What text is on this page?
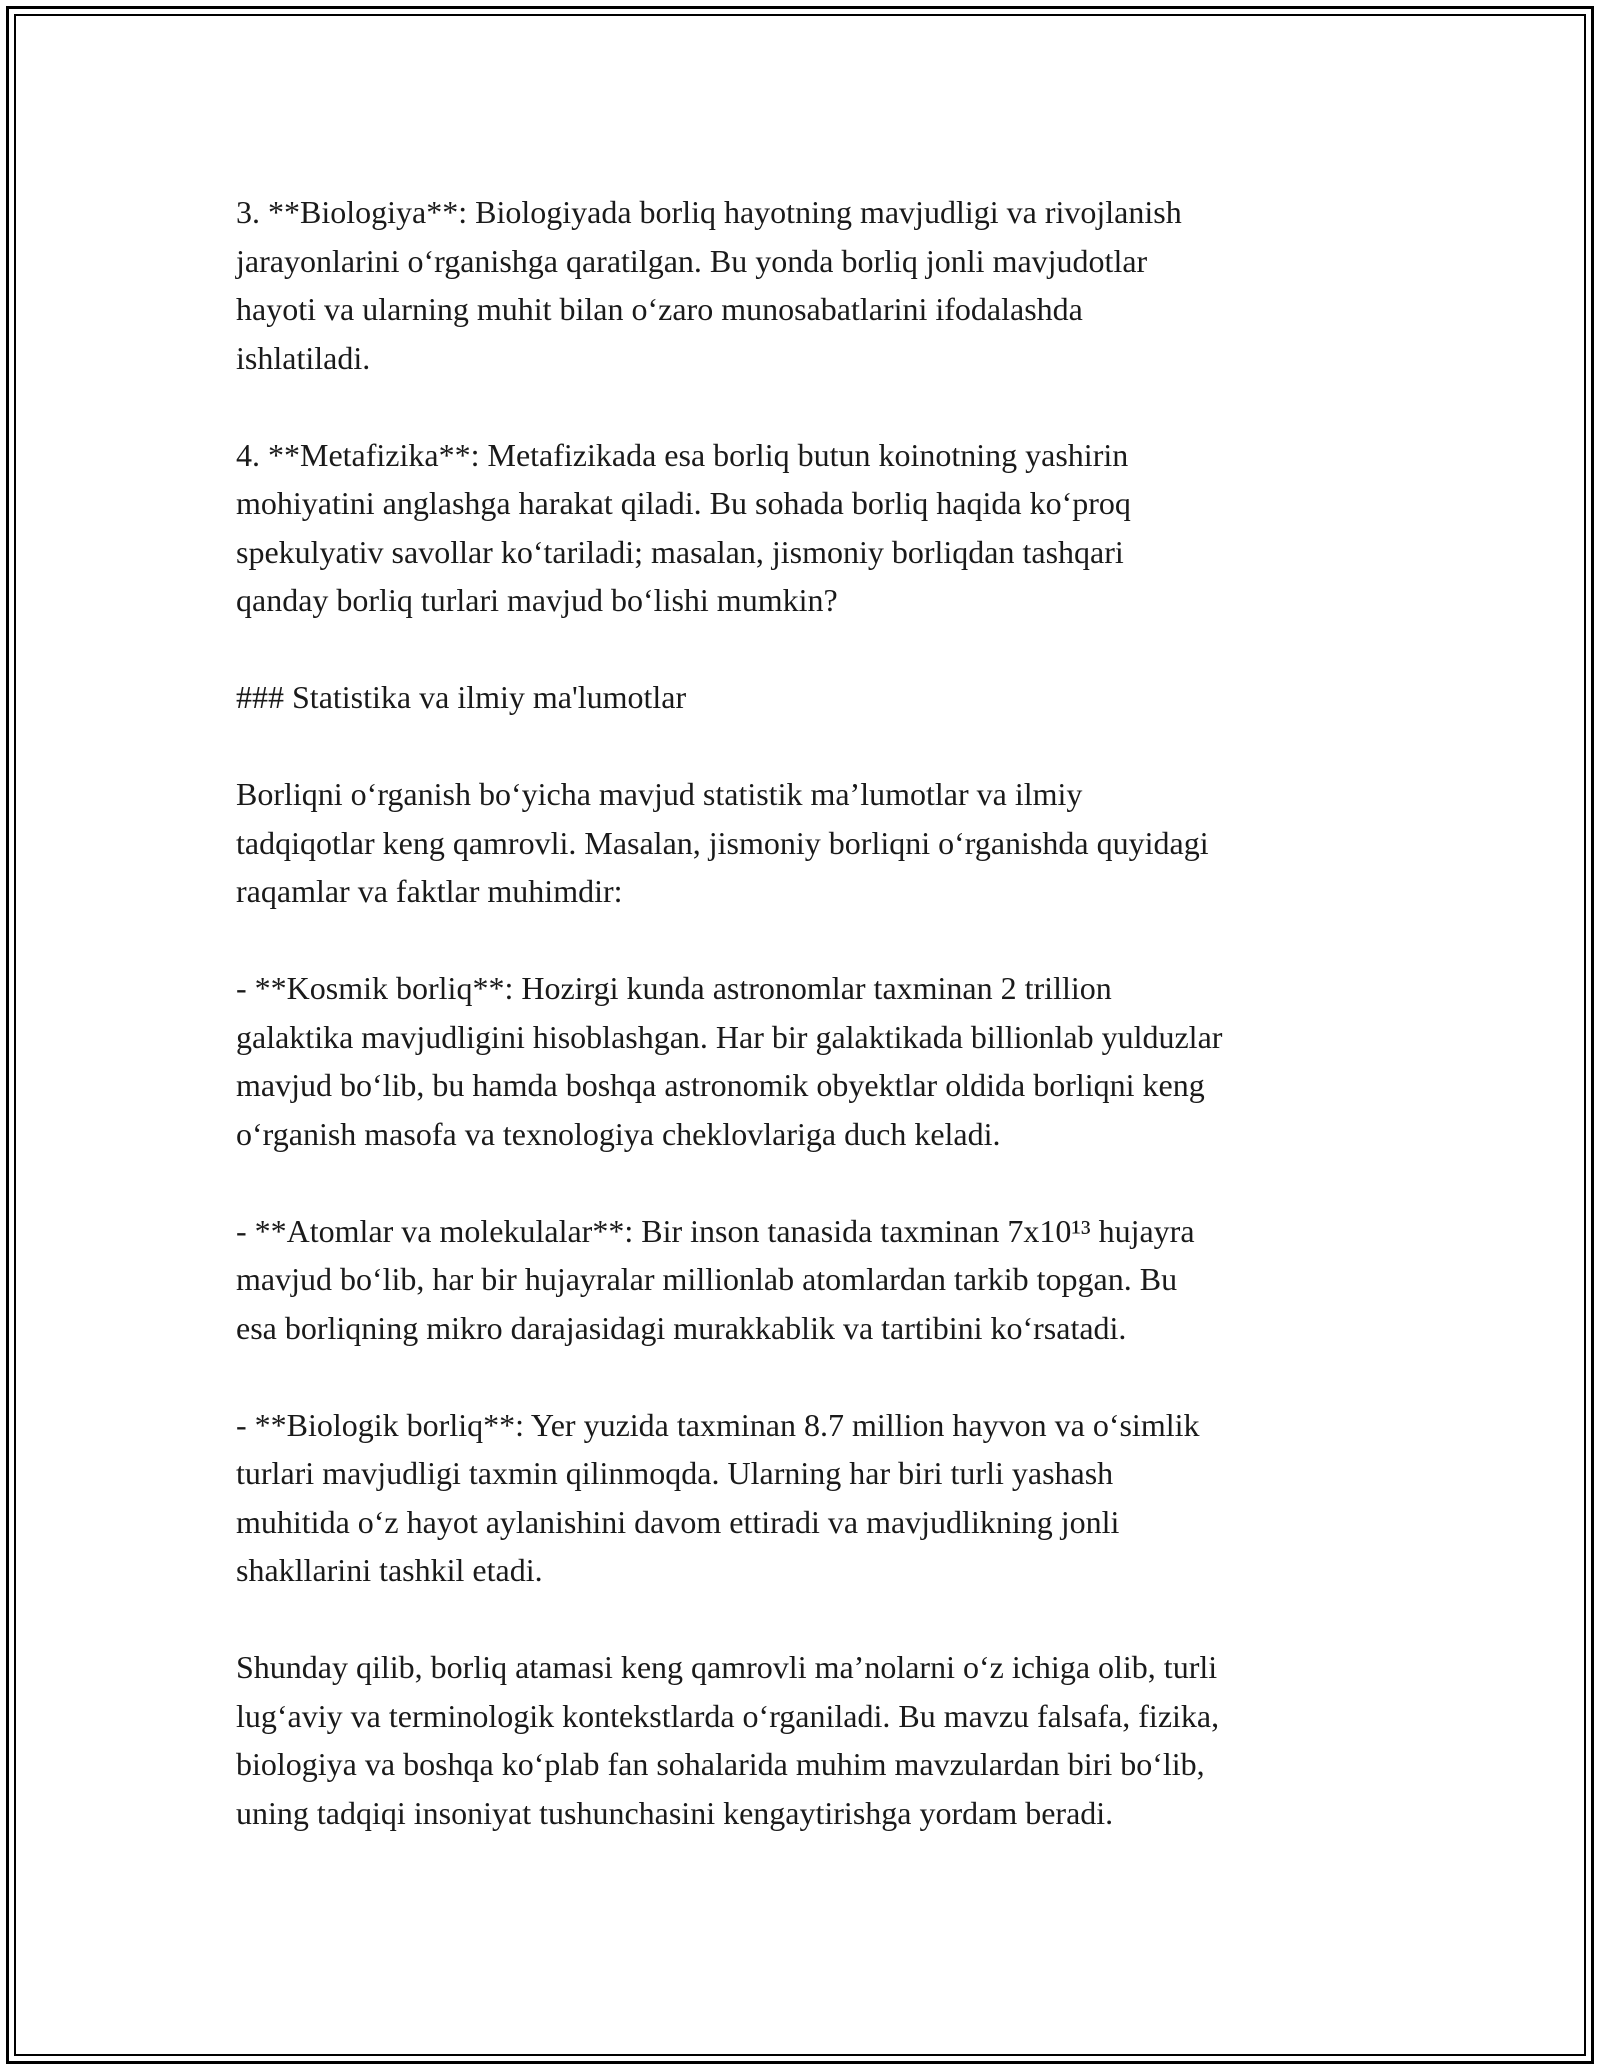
3. **Biologiya**: Biologiyada borliq hayotning mavjudligi va rivojlanish
jarayonlarini o‘rganishga qaratilgan. Bu yonda borliq jonli mavjudotlar
hayoti va ularning muhit bilan o‘zaro munosabatlarini ifodalashda
ishlatiladi.

4. **Metafizika**: Metafizikada esa borliq butun koinotning yashirin
mohiyatini anglashga harakat qiladi. Bu sohada borliq haqida ko‘proq
spekulyativ savollar ko‘tariladi; masalan, jismoniy borliqdan tashqari
qanday borliq turlari mavjud bo‘lishi mumkin?

### Statistika va ilmiy ma'lumotlar

Borliqni o‘rganish bo‘yicha mavjud statistik ma’lumotlar va ilmiy
tadqiqotlar keng qamrovli. Masalan, jismoniy borliqni o‘rganishda quyidagi
raqamlar va faktlar muhimdir:

- **Kosmik borliq**: Hozirgi kunda astronomlar taxminan 2 trillion
galaktika mavjudligini hisoblashgan. Har bir galaktikada billionlab yulduzlar
mavjud bo‘lib, bu hamda boshqa astronomik obyektlar oldida borliqni keng
o‘rganish masofa va texnologiya cheklovlariga duch keladi.

- **Atomlar va molekulalar**: Bir inson tanasida taxminan 7x10¹³ hujayra
mavjud bo‘lib, har bir hujayralar millionlab atomlardan tarkib topgan. Bu
esa borliqning mikro darajasidagi murakkablik va tartibini ko‘rsatadi.

- **Biologik borliq**: Yer yuzida taxminan 8.7 million hayvon va o‘simlik
turlari mavjudligi taxmin qilinmoqda. Ularning har biri turli yashash
muhitida o‘z hayot aylanishini davom ettiradi va mavjudlikning jonli
shakllarini tashkil etadi.

Shunday qilib, borliq atamasi keng qamrovli ma’nolarni o‘z ichiga olib, turli
lug‘aviy va terminologik kontekstlarda o‘rganiladi. Bu mavzu falsafa, fizika,
biologiya va boshqa ko‘plab fan sohalarida muhim mavzulardan biri bo‘lib,
uning tadqiqi insoniyat tushunchasini kengaytirishga yordam beradi.
